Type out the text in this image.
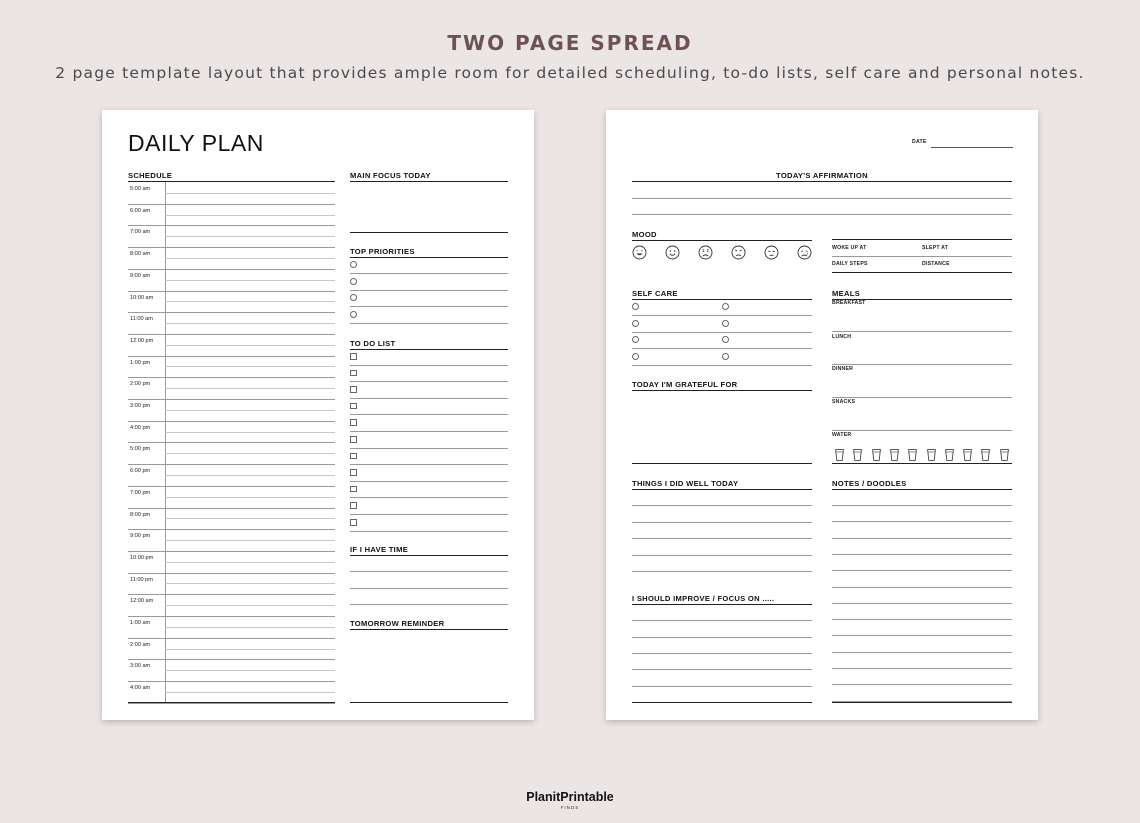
TWO PAGE SPREAD
2 page template layout that provides ample room for detailed scheduling, to-do lists, self care and personal notes.
DAILY PLAN
SCHEDULE
5:00 am
6:00 am
7:00 am
8:00 am
9:00 am
10:00 am
11:00 am
12:00 pm
1:00 pm
2:00 pm
3:00 pm
4:00 pm
5:00 pm
6:00 pm
7:00 pm
8:00 pm
9:00 pm
10:00 pm
11:00 pm
12:00 am
1:00 am
2:00 am
3:00 am
4:00 am
MAIN FOCUS TODAY
TOP PRIORITIES
TO DO LIST
IF I HAVE TIME
TOMORROW REMINDER
DATE
TODAY'S AFFIRMATION
MOOD
WOKE UP AT	SLEPT AT
DAILY STEPS	DISTANCE
SELF CARE	MEALS
BREAKFAST
LUNCH
DINNER
SNACKS
WATER
TODAY I'M GRATEFUL FOR
THINGS I DID WELL TODAY
I SHOULD IMPROVE / FOCUS ON .....
NOTES / DOODLES
PlanitPrintable
FINDS
